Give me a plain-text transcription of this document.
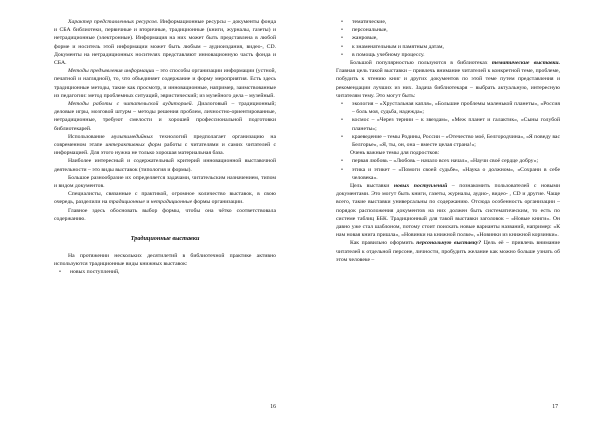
Характер представленных ресурсов. Информационные ресурсы – документы фонда и СБА библиотеки, первичные и вторичные, традиционные (книги, журналы, газеты) и нетрадиционные (электронные). Информация на них может быть представлена в любой форме и носитель этой информации может быть любым – аудиоиздания, видео-, CD. Документы на нетрадиционных носителях представляют инновационную часть фонда и СБА.

Методы предъявления информации – это способы организации информации (устной, печатной и наглядной), то, что объединяет содержание и форму мероприятия. Есть здесь традиционные методы, такие как просмотр, и инновационные, например, заимствованные из педагогии: метод проблемных ситуаций, эвристический; из музейного дела – музейный.

Методы работы с читательской аудиторией. Диалоговый – традиционный; деловые игры, мозговой штурм – методы решения проблем, личностно-ориентированные, нетрадиционные, требуют смелости и хорошей профессиональной подготовки библиотекарей.

Использование мультимедийных технологий предполагает организацию на современном этапе интерактивных форм работы с читателями и самих читателей с информацией. Для этого нужна не только хорошая материальная база.

Наиболее интересный и содержательный критерий инновационной выставочной деятельности – это виды выставок (типология и формы).

Большое разнообразие их определяется задачами, читательским назначением, типом и видом документов.

Специалисты, связанные с практикой, огромное количество выставок, в свою очередь, разделили на традиционные и нетрадиционные формы организации.

Главное здесь обосновать выбор формы, чтобы она чётко соответствовала содержанию.

Традиционные выставки

На протяжении нескольких десятилетий в библиотечной практике активно используются традиционные виды книжных выставок:

• новых поступлений,
16
• тематические,
• персональные,
• жанровые,
• к знаменательным и памятным датам,
• в помощь учебному процессу.

Большой популярностью пользуются в библиотеках тематические выставки. Главная цель такой выставки – привлечь внимание читателей к конкретной теме, проблеме, побудить к чтению книг и других документов по этой теме путем представления и рекомендации лучших из них. Задача библиотекаря – выбрать актуальную, интересную читателям тему. Это могут быть:

• экология – «Хрустальная капля», «Большие проблемы маленькой планеты», «Россия – боль моя, судьба, надежда»;
• космос – «Через тернии – к звездам», «Меж планет и галактик», «Сыны голубой планеты»;
• краеведение – темы Родины, России – «Отечество моё, Белгородчина», «Я поведу вас Белгорье», «Я, ты, он, она – вместе целая страна!»;

Очень важные темы для подростков:

• первая любовь – «Любовь – начало всех начал», «Научи своё сердце добру»;
• этика и этикет – «Помоги своей судьбе», «Наука о должном», «Сохрани в себе человека».

Цель выставки новых поступлений – познакомить пользователей с новыми документами. Это могут быть книги, газеты, журналы, аудио-, видео- , CD и другие. Чаще всего, такие выставки универсальны по содержанию. Отсюда особенность организации – порядок расположения документов на них должен быть систематическим, то есть по системе таблиц ББК. Традиционный для такой выставки заголовок – «Новые книги». Он давно уже стал шаблоном, потому стоит поискать новые варианты названий, например: «К нам новая книга пришла», «Новинки на книжной полке», «Новинки из книжной корзинки».

Как правильно оформить персональную выставку? Цель её – привлечь внимание читателей к отдельной персоне, личности, пробудить желание как можно больше узнать об этом человеке –

17
